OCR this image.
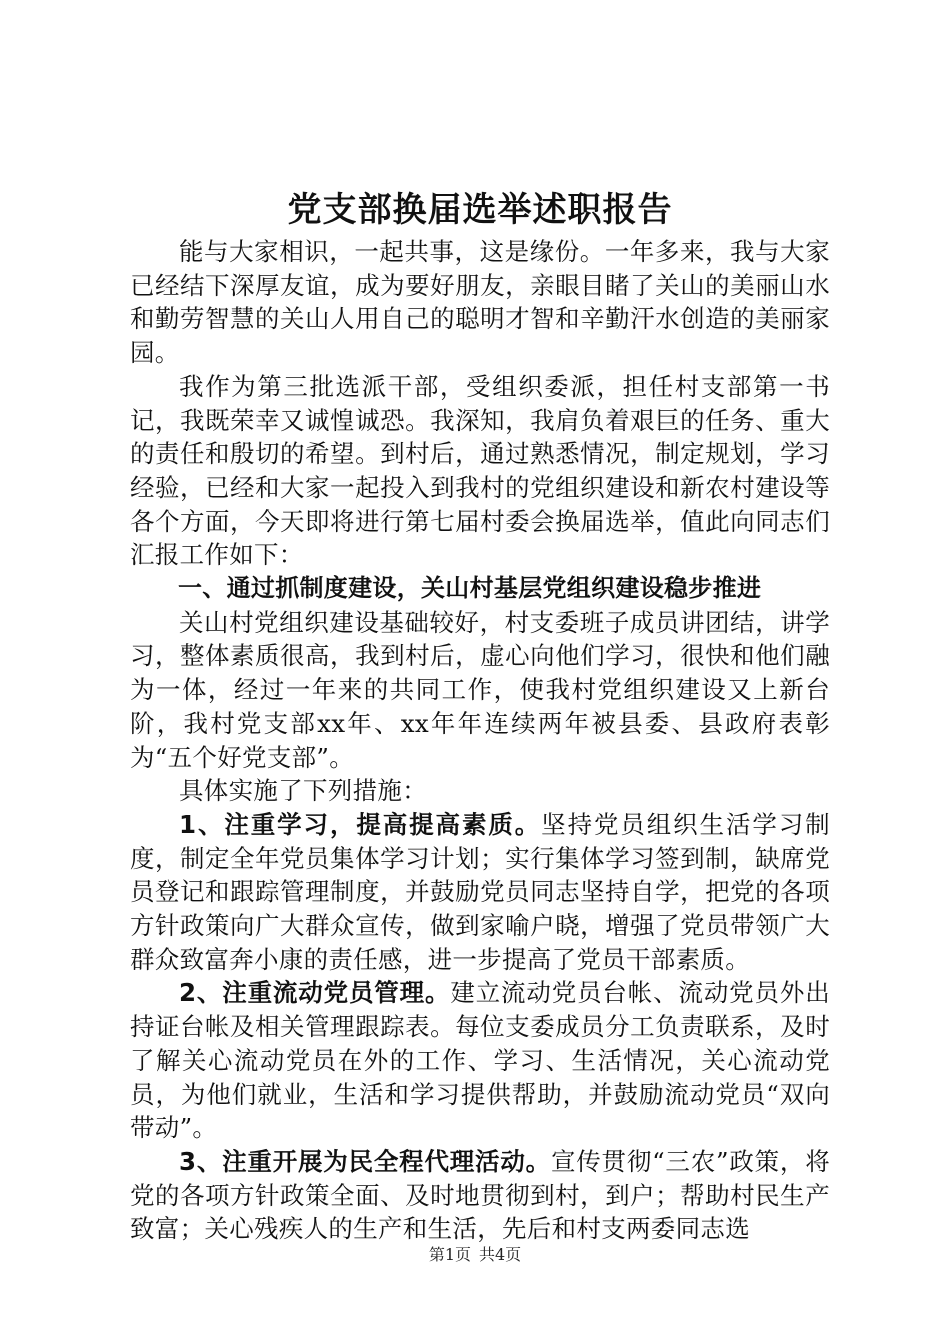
党支部换届选举述职报告

能与大家相识，一起共事，这是缘份。一年多来，我与大家已经结下深厚友谊，成为要好朋友，亲眼目睹了关山的美丽山水和勤劳智慧的关山人用自己的聪明才智和辛勤汗水创造的美丽家园。

我作为第三批选派干部，受组织委派，担任村支部第一书记，我既荣幸又诚惶诚恐。我深知，我肩负着艰巨的任务、重大的责任和殷切的希望。到村后，通过熟悉情况，制定规划，学习经验，已经和大家一起投入到我村的党组织建设和新农村建设等各个方面，今天即将进行第七届村委会换届选举，值此向同志们汇报工作如下：

一、通过抓制度建设，关山村基层党组织建设稳步推进

关山村党组织建设基础较好，村支委班子成员讲团结，讲学习，整体素质很高，我到村后，虚心向他们学习，很快和他们融为一体，经过一年来的共同工作，使我村党组织建设又上新台阶，我村党支部xx年、xx年年连续两年被县委、县政府表彰为“五个好党支部”。

具体实施了下列措施：

1、注重学习，提高提高素质。坚持党员组织生活学习制度，制定全年党员集体学习计划；实行集体学习签到制，缺席党员登记和跟踪管理制度，并鼓励党员同志坚持自学，把党的各项方针政策向广大群众宣传，做到家喻户晓，增强了党员带领广大群众致富奔小康的责任感，进一步提高了党员干部素质。

2、注重流动党员管理。建立流动党员台帐、流动党员外出持证台帐及相关管理跟踪表。每位支委成员分工负责联系，及时了解关心流动党员在外的工作、学习、生活情况，关心流动党员，为他们就业，生活和学习提供帮助，并鼓励流动党员“双向带动”。

3、注重开展为民全程代理活动。宣传贯彻“三农”政策，将党的各项方针政策全面、及时地贯彻到村，到户；帮助村民生产致富；关心残疾人的生产和生活，先后和村支两委同志选

第1页 共4页
